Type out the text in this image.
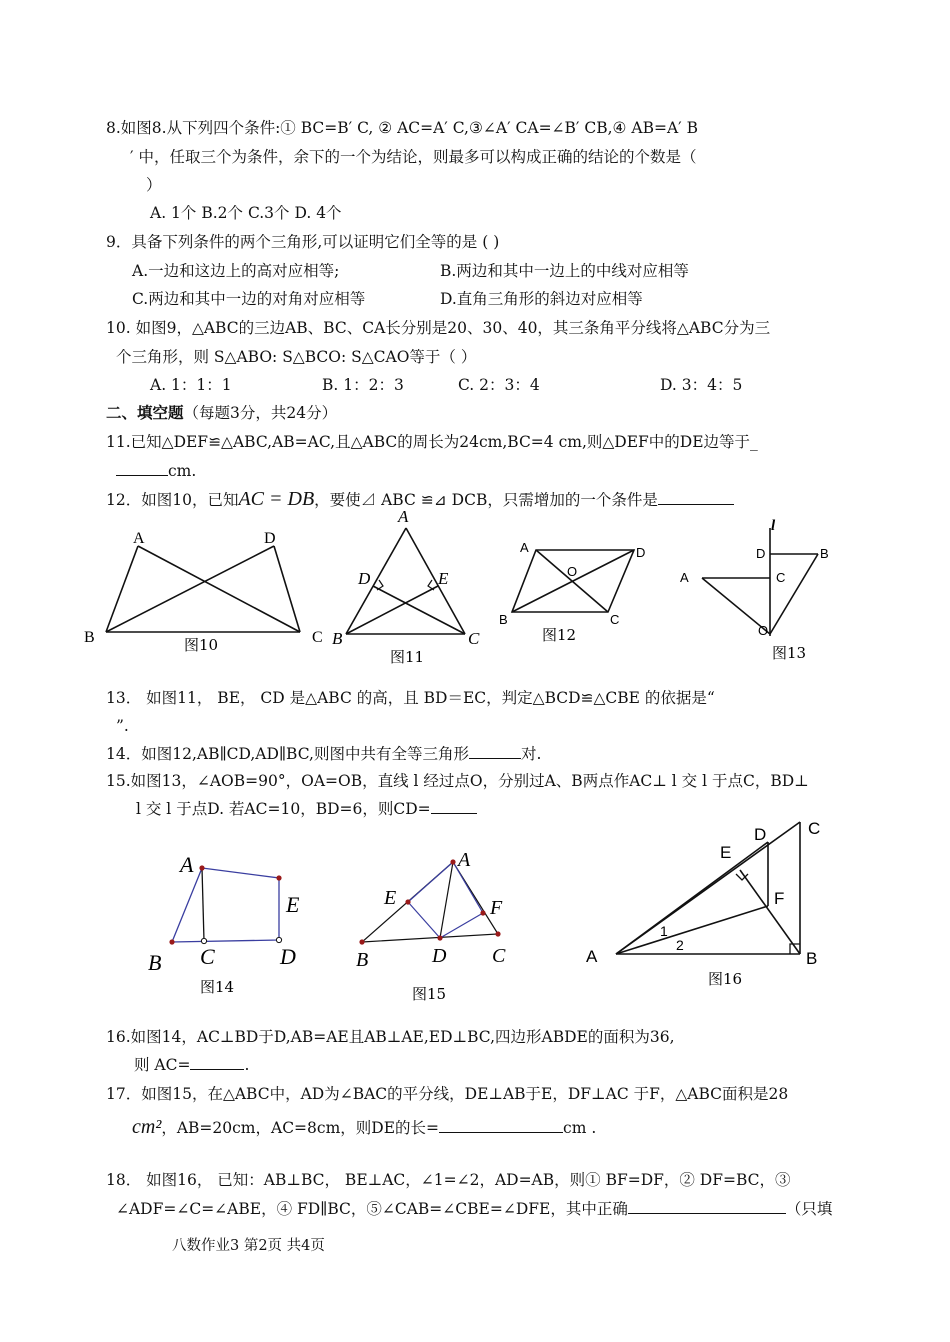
8.如图8.从下列四个条件:① BC=B′ C, ② AC=A′ C,③∠A′ CA=∠B′ CB,④ AB=A′ B
′ 中，任取三个为条件，余下的一个为结论，则最多可以构成正确的结论的个数是（
）
A. 1个 B.2个 C.3个 D. 4个
9．具备下列条件的两个三角形,可以证明它们全等的是 ( )
A.一边和这边上的高对应相等;	B.两边和其中一边上的中线对应相等
C.两边和其中一边的对角对应相等	D.直角三角形的斜边对应相等
10. 如图9，△ABC的三边AB、BC、CA长分别是20、30、40，其三条角平分线将△ABC分为三
个三角形，则 S△ABO: S△BCO: S△CAO等于（ ）
A. 1：1：1	B. 1：2：3	C. 2：3：4	D. 3：4：5
二、填空题（每题3分，共24分）
11.已知△DEF≌△ABC,AB=AC,且△ABC的周长为24cm,BC=4 cm,则△DEF中的DE边等于_
cm.
12．如图10，已知AC = DB，要使⊿ ABC ≌⊿ DCB，只需增加的一个条件是
A	D
B	C
图10
A
D	E
B	C
图11
A	D
O
B	C
图12
l
D	B
A	C
O
图13
13． 如图11， BE， CD 是△ABC 的高，且 BD＝EC，判定△BCD≌△CBE 的依据是“
”.
14．如图12,AB∥CD,AD∥BC,则图中共有全等三角形	对.
15.如图13，∠AOB=90°，OA=OB，直线 l 经过点O，分别过A、B两点作AC⊥ l 交 l 于点C，BD⊥
l 交 l 于点D. 若AC=10，BD=6，则CD=
A
E
B C	D
图14
A
E	F
B	D C
图15
D C
E
F
1
2
A	B
图16
16.如图14，AC⊥BD于D,AB=AE且AB⊥AE,ED⊥BC,四边形ABDE的面积为36,
则 AC=	.
17．如图15，在△ABC中，AD为∠BAC的平分线，DE⊥AB于E，DF⊥AC 于F，△ABC面积是28
cm²，AB=20cm，AC=8cm，则DE的长=	cm .
18． 如图16， 已知：AB⊥BC， BE⊥AC，∠1=∠2，AD=AB，则① BF=DF，② DF=BC，③
∠ADF=∠C=∠ABE，④ FD∥BC，⑤∠CAB=∠CBE=∠DFE，其中正确	（只填
八数作业3 第2页 共4页
